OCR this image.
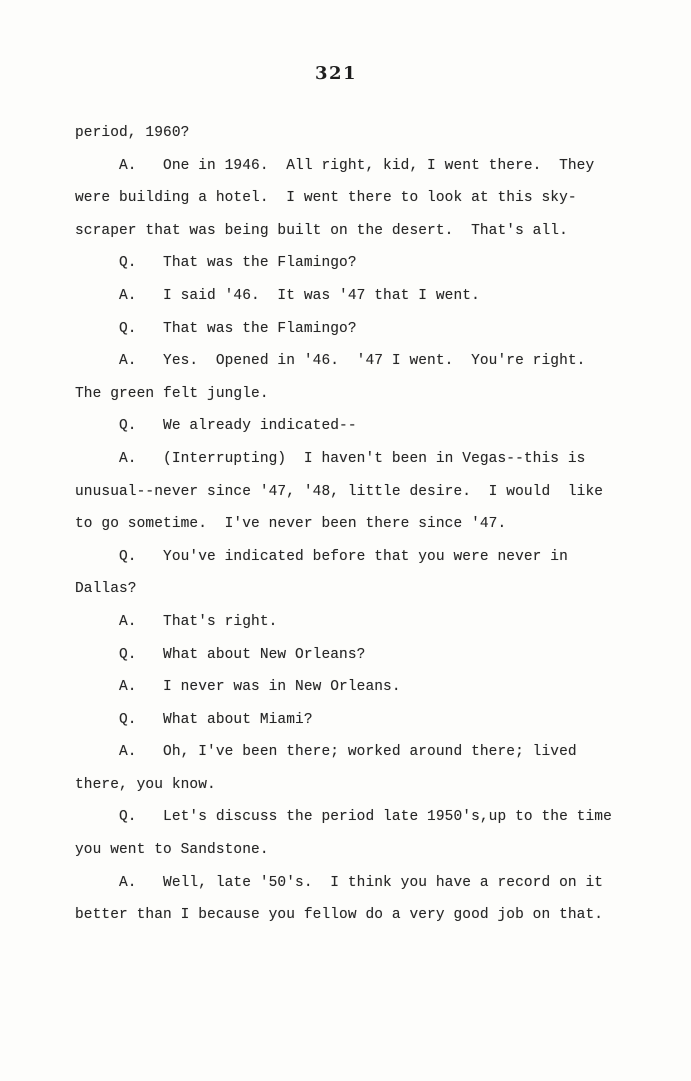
321
period, 1960?
A.   One in 1946.  All right, kid, I went there.  They
were building a hotel.  I went there to look at this sky-
scraper that was being built on the desert.  That's all.
Q.   That was the Flamingo?
A.   I said '46.  It was '47 that I went.
Q.   That was the Flamingo?
A.   Yes.  Opened in '46.  '47 I went.  You're right.
The green felt jungle.
Q.   We already indicated--
A.   (Interrupting)  I haven't been in Vegas--this is
unusual--never since '47, '48, little desire.  I would  like
to go sometime.  I've never been there since '47.
Q.   You've indicated before that you were never in
Dallas?
A.   That's right.
Q.   What about New Orleans?
A.   I never was in New Orleans.
Q.   What about Miami?
A.   Oh, I've been there; worked around there; lived
there, you know.
Q.   Let's discuss the period late 1950's,up to the time
you went to Sandstone.
A.   Well, late '50's.  I think you have a record on it
better than I because you fellow do a very good job on that.
